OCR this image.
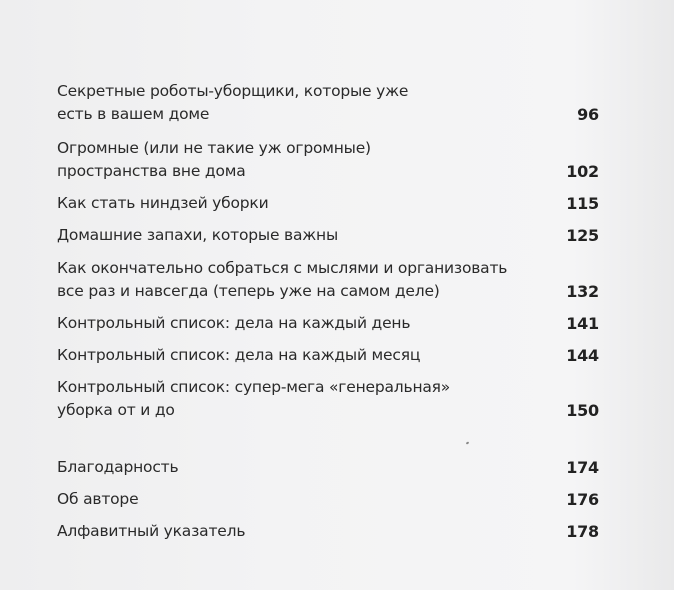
Секретные роботы-уборщики, которые уже
есть в вашем доме	96
Огромные (или не такие уж огромные)
пространства вне дома	102
Как стать ниндзей уборки	115
Домашние запахи, которые важны	125
Как окончательно собраться с мыслями и организовать
все раз и навсегда (теперь уже на самом деле)	132
Контрольный список: дела на каждый день	141
Контрольный список: дела на каждый месяц	144
Контрольный список: супер-мега «генеральная»
уборка от и до	150
Благодарность	174
Об авторе	176
Алфавитный указатель	178
